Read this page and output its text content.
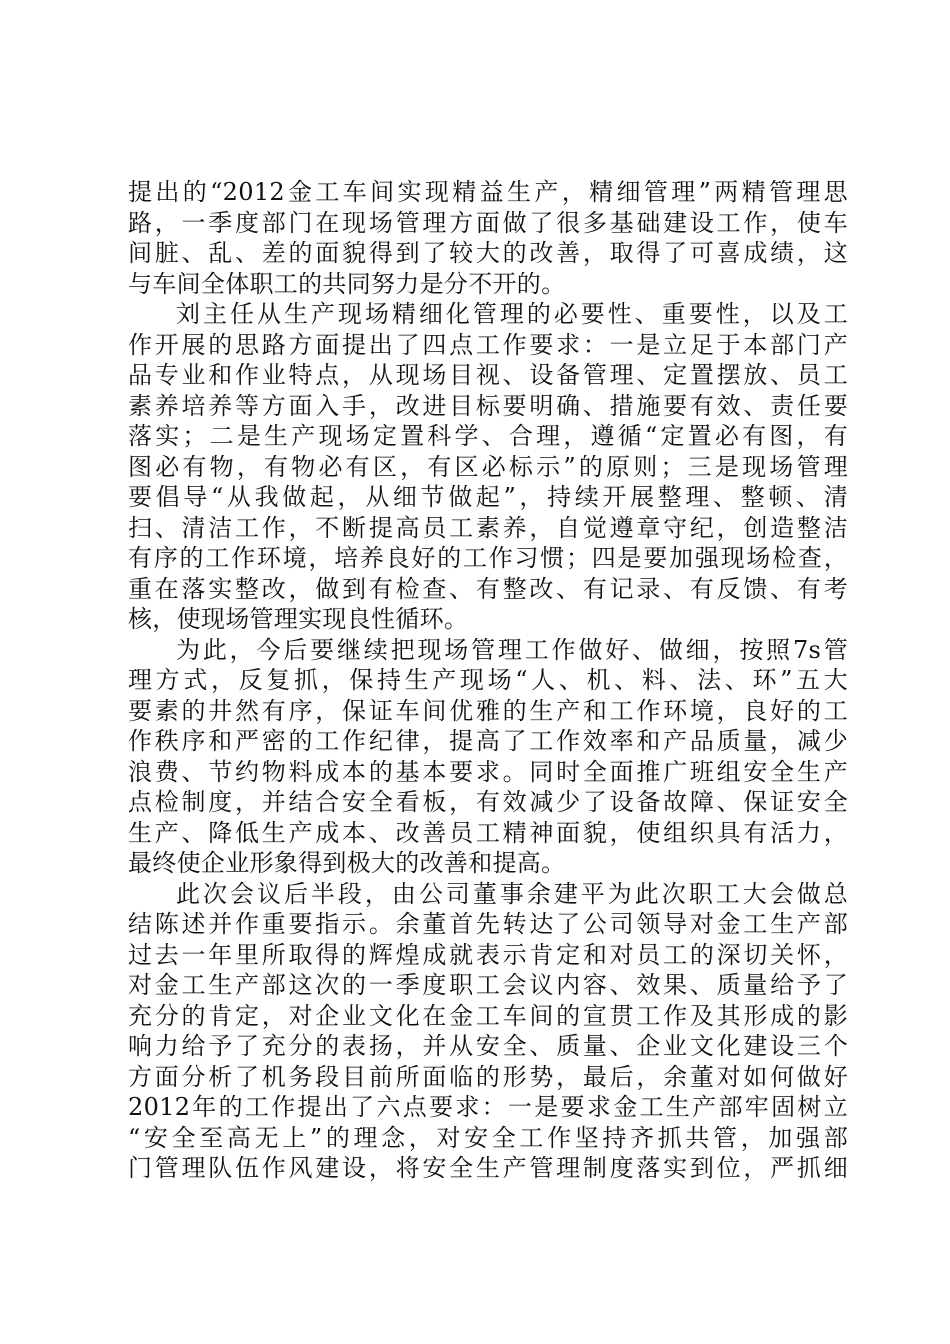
提出的“2012金工车间实现精益生产，精细管理”两精管理思
路，一季度部门在现场管理方面做了很多基础建设工作，使车
间脏、乱、差的面貌得到了较大的改善，取得了可喜成绩，这
与车间全体职工的共同努力是分不开的。
刘主任从生产现场精细化管理的必要性、重要性，以及工
作开展的思路方面提出了四点工作要求：一是立足于本部门产
品专业和作业特点，从现场目视、设备管理、定置摆放、员工
素养培养等方面入手，改进目标要明确、措施要有效、责任要
落实；二是生产现场定置科学、合理，遵循“定置必有图，有
图必有物，有物必有区，有区必标示”的原则；三是现场管理
要倡导“从我做起，从细节做起”，持续开展整理、整顿、清
扫、清洁工作，不断提高员工素养，自觉遵章守纪，创造整洁
有序的工作环境，培养良好的工作习惯；四是要加强现场检查，
重在落实整改，做到有检查、有整改、有记录、有反馈、有考
核，使现场管理实现良性循环。
为此，今后要继续把现场管理工作做好、做细，按照7s管
理方式，反复抓，保持生产现场“人、机、料、法、环”五大
要素的井然有序，保证车间优雅的生产和工作环境，良好的工
作秩序和严密的工作纪律，提高了工作效率和产品质量，减少
浪费、节约物料成本的基本要求。同时全面推广班组安全生产
点检制度，并结合安全看板，有效减少了设备故障、保证安全
生产、降低生产成本、改善员工精神面貌，使组织具有活力，
最终使企业形象得到极大的改善和提高。
此次会议后半段，由公司董事余建平为此次职工大会做总
结陈述并作重要指示。余董首先转达了公司领导对金工生产部
过去一年里所取得的辉煌成就表示肯定和对员工的深切关怀，
对金工生产部这次的一季度职工会议内容、效果、质量给予了
充分的肯定，对企业文化在金工车间的宣贯工作及其形成的影
响力给予了充分的表扬，并从安全、质量、企业文化建设三个
方面分析了机务段目前所面临的形势，最后，余董对如何做好
2012年的工作提出了六点要求：一是要求金工生产部牢固树立
“安全至高无上”的理念，对安全工作坚持齐抓共管，加强部
门管理队伍作风建设，将安全生产管理制度落实到位，严抓细
